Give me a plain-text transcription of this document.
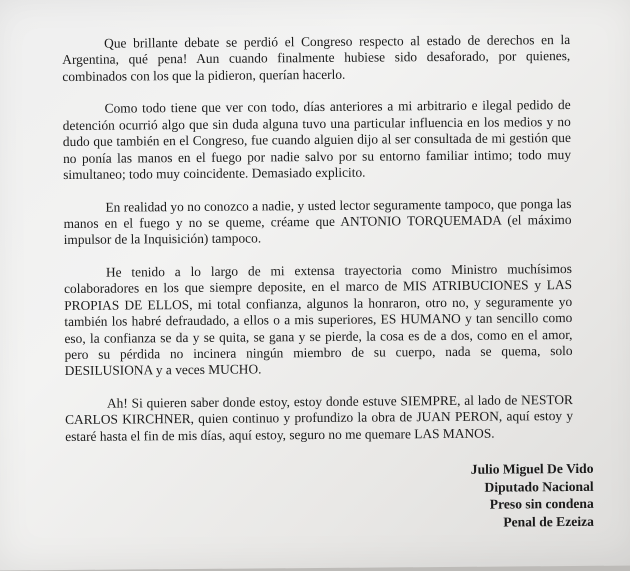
Que brillante debate se perdió el Congreso respecto al estado de derechos en la Argentina, qué pena! Aun cuando finalmente hubiese sido desaforado, por quienes, combinados con los que la pidieron, querían hacerlo.

Como todo tiene que ver con todo, días anteriores a mi arbitrario e ilegal pedido de detención ocurrió algo que sin duda alguna tuvo una particular influencia en los medios y no dudo que también en el Congreso, fue cuando alguien dijo al ser consultada de mi gestión que no ponía las manos en el fuego por nadie salvo por su entorno familiar intimo; todo muy simultaneo; todo muy coincidente. Demasiado explicito.

En realidad yo no conozco a nadie, y usted lector seguramente tampoco, que ponga las manos en el fuego y no se queme, créame que ANTONIO TORQUEMADA (el máximo impulsor de la Inquisición) tampoco.

He tenido a lo largo de mi extensa trayectoria como Ministro muchísimos colaboradores en los que siempre deposite, en el marco de MIS ATRIBUCIONES y LAS PROPIAS DE ELLOS, mi total confianza, algunos la honraron, otro no, y seguramente yo también los habré defraudado, a ellos o a mis superiores, ES HUMANO y tan sencillo como eso, la confianza se da y se quita, se gana y se pierde, la cosa es de a dos, como en el amor, pero su pérdida no incinera ningún miembro de su cuerpo, nada se quema, solo DESILUSIONA y a veces MUCHO.

Ah! Si quieren saber donde estoy, estoy donde estuve SIEMPRE, al lado de NESTOR CARLOS KIRCHNER, quien continuo y profundizo la obra de JUAN PERON, aquí estoy y estaré hasta el fin de mis días, aquí estoy, seguro no me quemare LAS MANOS.

Julio Miguel De Vido
Diputado Nacional
Preso sin condena
Penal de Ezeiza
